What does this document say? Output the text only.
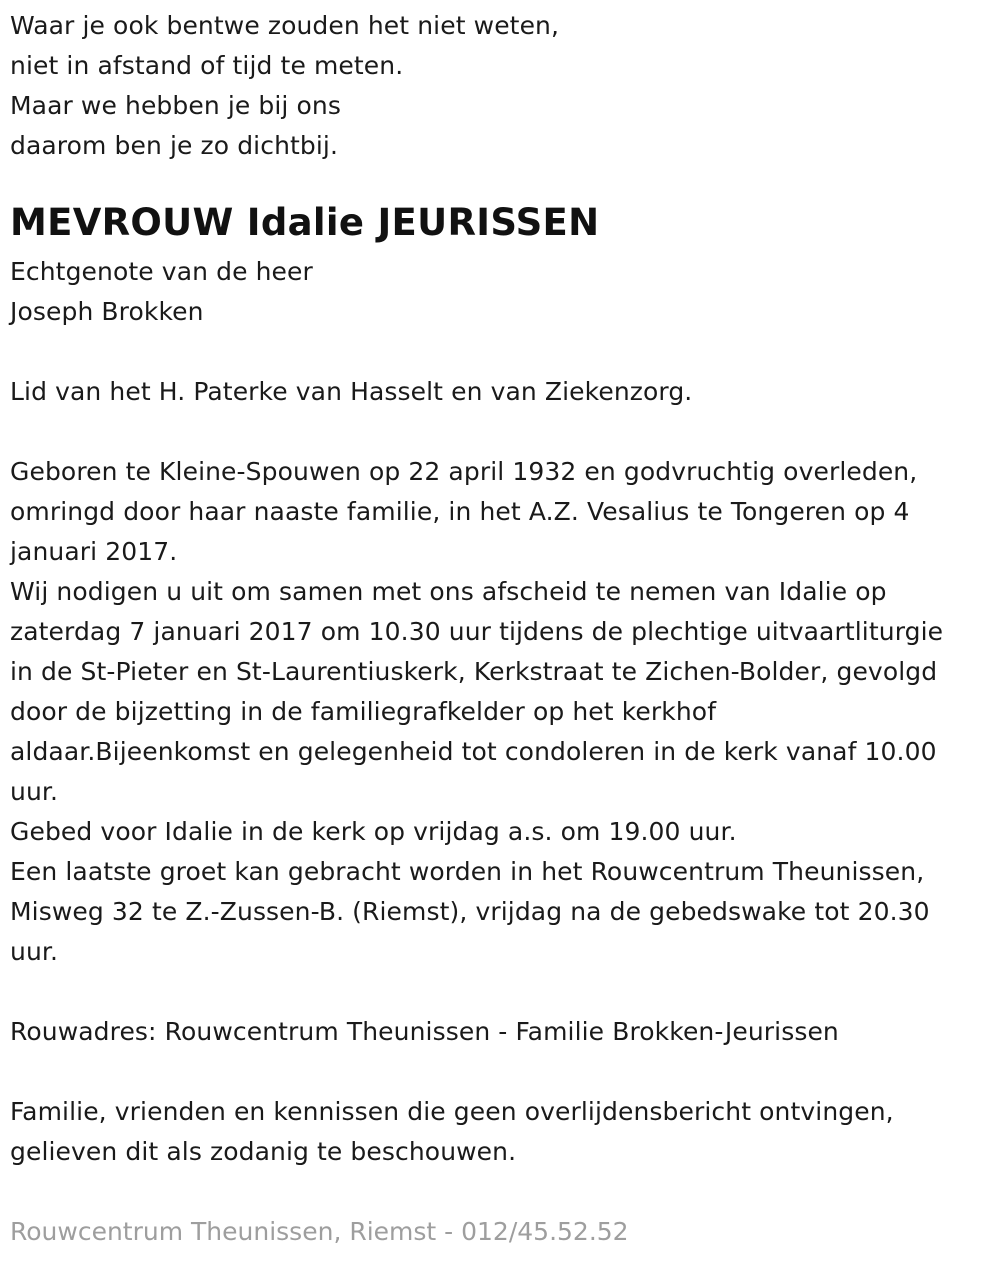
Waar je ook bentwe zouden het niet weten,
niet in afstand of tijd te meten.
Maar we hebben je bij ons
daarom ben je zo dichtbij.
MEVROUW Idalie JEURISSEN
Echtgenote van de heer
Joseph Brokken
Lid van het H. Paterke van Hasselt en van Ziekenzorg.
Geboren te Kleine-Spouwen op 22 april 1932 en godvruchtig overleden,
omringd door haar naaste familie, in het A.Z. Vesalius te Tongeren op 4
januari 2017.
Wij nodigen u uit om samen met ons afscheid te nemen van Idalie op
zaterdag 7 januari 2017 om 10.30 uur tijdens de plechtige uitvaartliturgie
in de St-Pieter en St-Laurentiuskerk, Kerkstraat te Zichen-Bolder, gevolgd
door de bijzetting in de familiegrafkelder op het kerkhof
aldaar.Bijeenkomst en gelegenheid tot condoleren in de kerk vanaf 10.00
uur.
Gebed voor Idalie in de kerk op vrijdag a.s. om 19.00 uur.
Een laatste groet kan gebracht worden in het Rouwcentrum Theunissen,
Misweg 32 te Z.-Zussen-B. (Riemst), vrijdag na de gebedswake tot 20.30
uur.
Rouwadres: Rouwcentrum Theunissen - Familie Brokken-Jeurissen
Familie, vrienden en kennissen die geen overlijdensbericht ontvingen,
gelieven dit als zodanig te beschouwen.
Rouwcentrum Theunissen, Riemst - 012/45.52.52
